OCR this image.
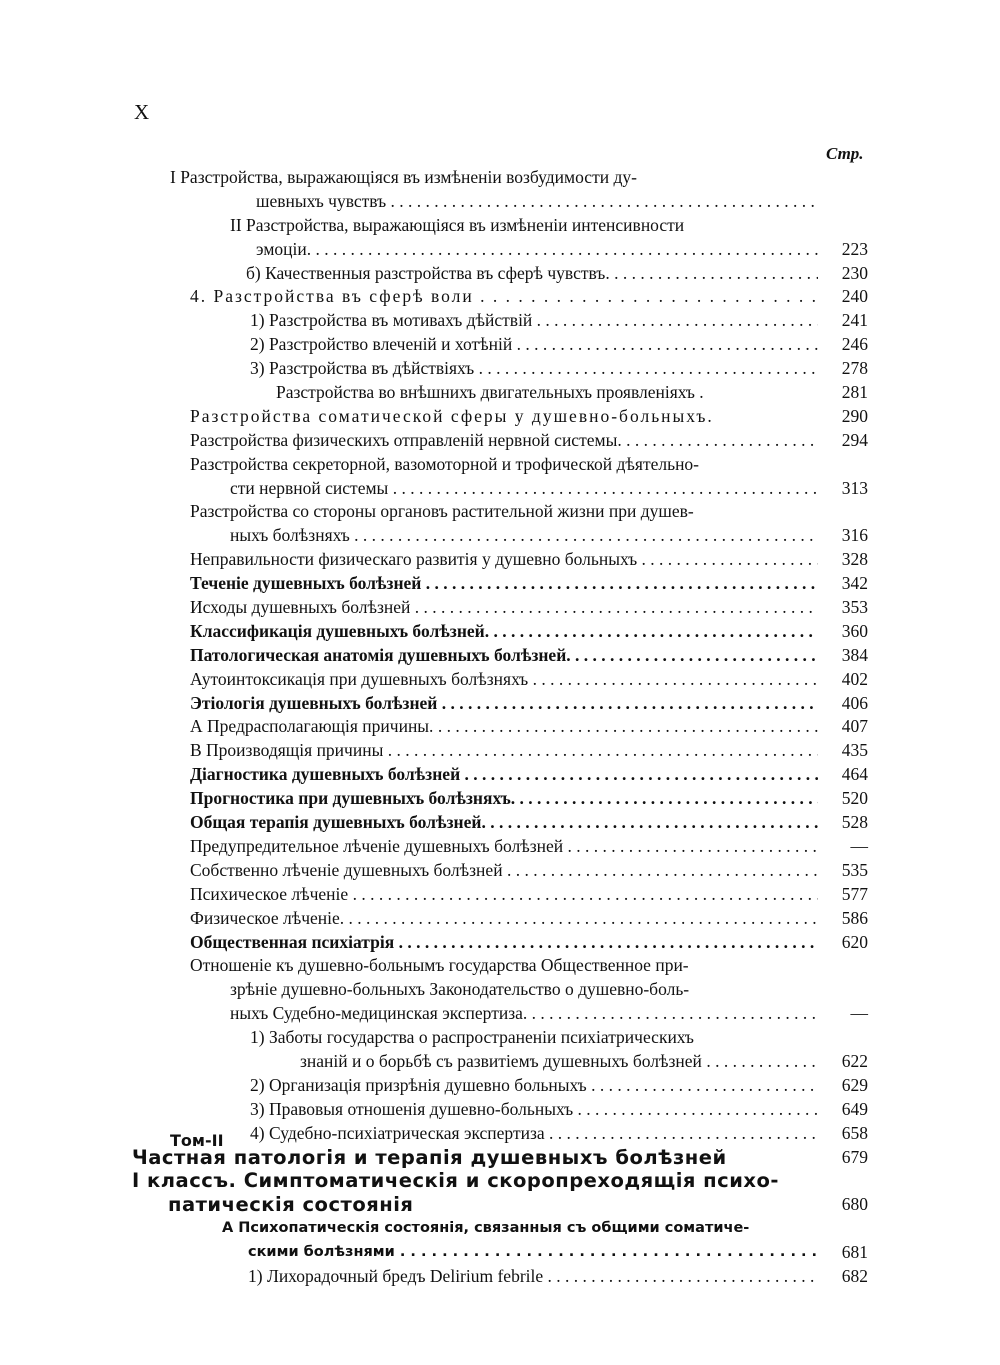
X
Стр.
Том-II
I Разстройства, выражающіяся въ измѣненіи возбудимости ду-
шевныхъ чувствъ . . .
II Разстройства, выражающіяся въ измѣненіи интенсивности
эмоціи. . . .	223
б) Качественныя разстройства въ сферѣ чувствъ. . . .	230
4. Разстройства въ сферѣ воли . . .	240
1) Разстройства въ мотивахъ дѣйствій . . .	241
2) Разстройство влеченій и хотѣній . . .	246
3) Разстройства въ дѣйствіяхъ . . .	278
Разстройства во внѣшнихъ двигательныхъ проявленіяхъ .	281
Разстройства соматической сферы у душевно-больныхъ.	290
Разстройства физическихъ отправленій нервной системы. . . .	294
Разстройства секреторной, вазомоторной и трофической дѣятельно-
сти нервной системы . . .	313
Разстройства со стороны органовъ растительной жизни при душев-
ныхъ болѣзняхъ . . .	316
Неправильности физическаго развитія у душевно больныхъ . . .	328
Теченіе душевныхъ болѣзней . . .	342
Исходы душевныхъ болѣзней . . .	353
Классификація душевныхъ болѣзней. . . .	360
Патологическая анатомія душевныхъ болѣзней. . . .	384
Аутоинтоксикація при душевныхъ болѣзняхъ . . .	402
Этіологія душевныхъ болѣзней . . .	406
А Предрасполагающія причины. . . .	407
В Производящія причины . . .	435
Діагностика душевныхъ болѣзней . . .	464
Прогностика при душевныхъ болѣзняхъ. . . .	520
Общая терапія душевныхъ болѣзней. . . .	528
Предупредительное лѣченіе душевныхъ болѣзней . . .	—
Собственно лѣченіе душевныхъ болѣзней . . .	535
Психическое лѣченіе . . .	577
Физическое лѣченіе. . . .	586
Общественная психіатрія . . .	620
Отношеніе къ душевно-больнымъ государства Общественное при-
зрѣніе душевно-больныхъ Законодательство о душевно-боль-
ныхъ Судебно-медицинская экспертиза. . . .	—
1) Заботы государства о распространеніи психіатрическихъ
знаній и о борьбѣ съ развитіемъ душевныхъ болѣзней . . .	622
2) Организація призрѣнія душевно больныхъ . . .	629
3) Правовыя отношенія душевно-больныхъ . . .	649
4) Судебно-психіатрическая экспертиза . . .	658
Частная патологія и терапія душевныхъ болѣзней	679
I классъ. Симптоматическія и скоропреходящія психо-
патическія состоянія	680
А Психопатическія состоянія, связанныя съ общими соматиче-
скими болѣзнями . . .	681
1) Лихорадочный бредъ Delirium febrile . . .	682
